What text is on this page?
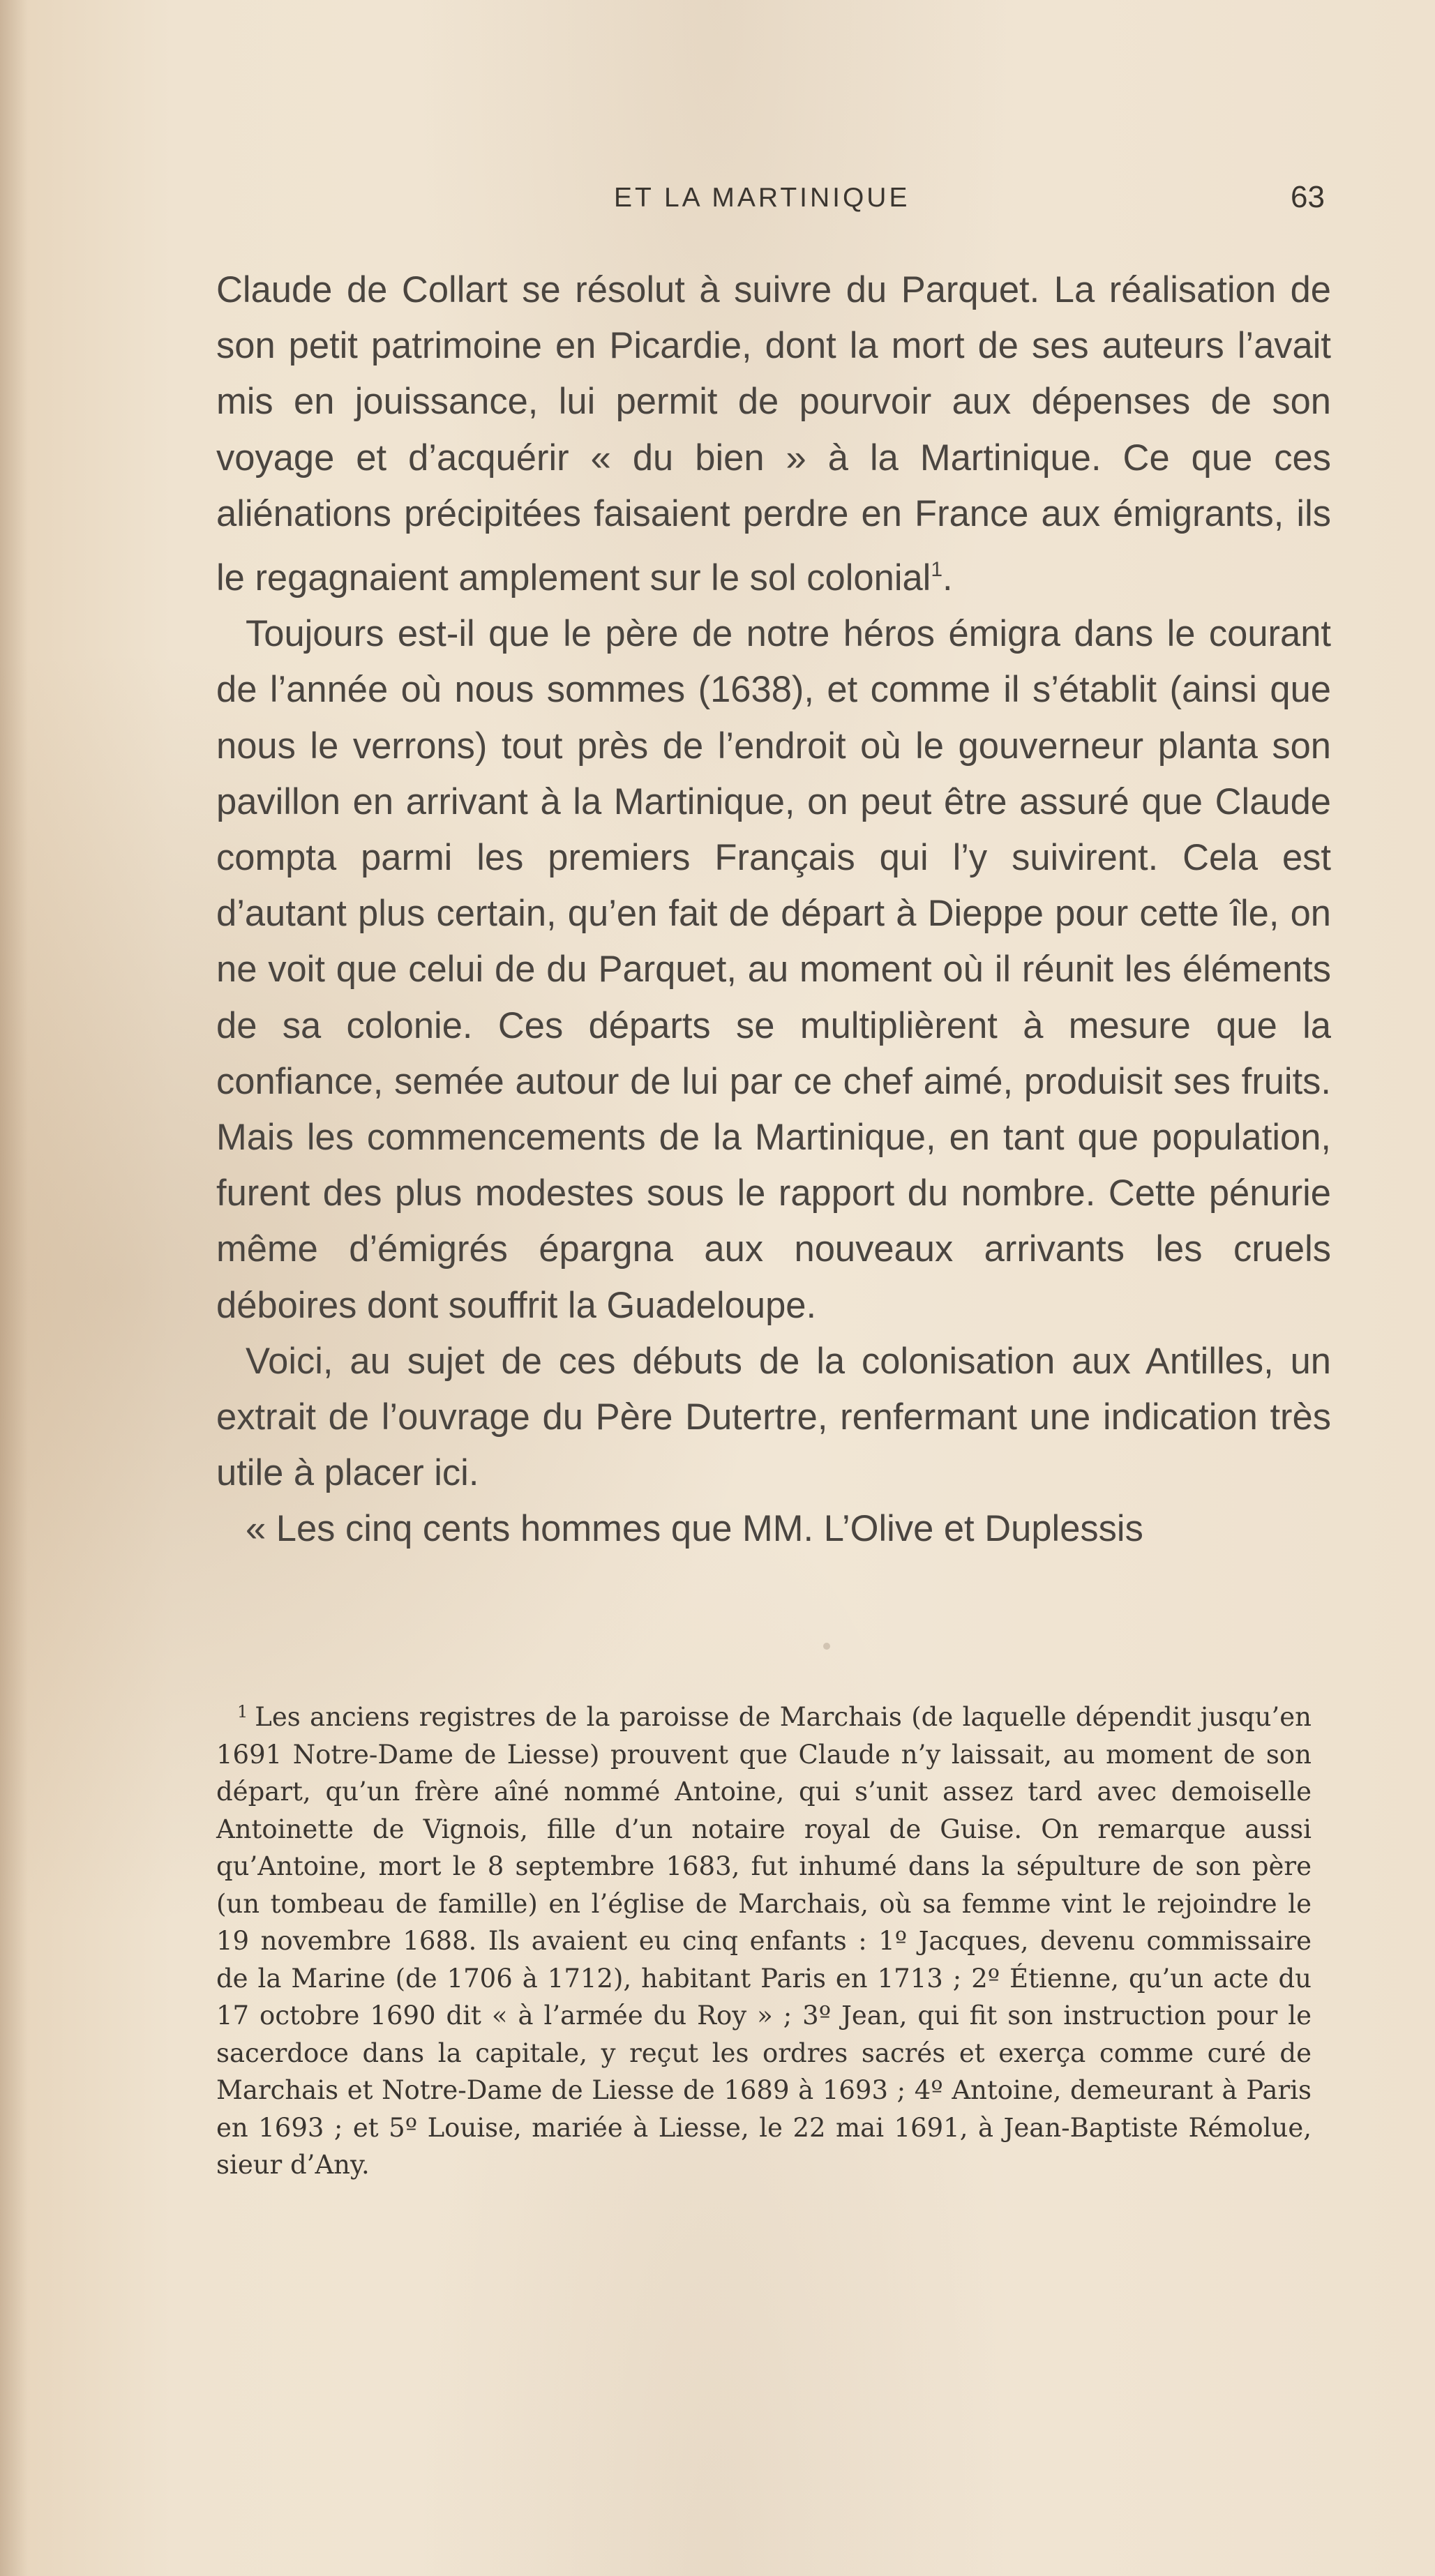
ET LA MARTINIQUE	63

Claude de Collart se résolut à suivre du Parquet. La réalisation de son petit patrimoine en Picardie, dont la mort de ses auteurs l’avait mis en jouissance, lui permit de pourvoir aux dépenses de son voyage et d’acquérir « du bien » à la Martinique. Ce que ces aliénations précipitées faisaient perdre en France aux émigrants, ils le regagnaient amplement sur le sol colonial$^1$.

Toujours est-il que le père de notre héros émigra dans le courant de l’année où nous sommes (1638), et comme il s’établit (ainsi que nous le verrons) tout près de l’endroit où le gouverneur planta son pavillon en arrivant à la Martinique, on peut être assuré que Claude compta parmi les premiers Français qui l’y suivirent. Cela est d’autant plus certain, qu’en fait de départ à Dieppe pour cette île, on ne voit que celui de du Parquet, au moment où il réunit les éléments de sa colonie. Ces départs se multiplièrent à mesure que la confiance, semée autour de lui par ce chef aimé, produisit ses fruits. Mais les commencements de la Martinique, en tant que population, furent des plus modestes sous le rapport du nombre. Cette pénurie même d’émigrés épargna aux nouveaux arrivants les cruels déboires dont souffrit la Guadeloupe.

Voici, au sujet de ces débuts de la colonisation aux Antilles, un extrait de l’ouvrage du Père Dutertre, renfermant une indication très utile à placer ici.

« Les cinq cents hommes que MM. L’Olive et Duplessis

$^1$ Les anciens registres de la paroisse de Marchais (de laquelle dépendit jusqu’en 1691 Notre-Dame de Liesse) prouvent que Claude n’y laissait, au moment de son départ, qu’un frère aîné nommé Antoine, qui s’unit assez tard avec demoiselle Antoinette de Vignois, fille d’un notaire royal de Guise. On remarque aussi qu’Antoine, mort le 8 septembre 1683, fut inhumé dans la sépulture de son père (un tombeau de famille) en l’église de Marchais, où sa femme vint le rejoindre le 19 novembre 1688. Ils avaient eu cinq enfants : 1º Jacques, devenu commissaire de la Marine (de 1706 à 1712), habitant Paris en 1713 ; 2º Étienne, qu’un acte du 17 octobre 1690 dit « à l’armée du Roy » ; 3º Jean, qui fit son instruction pour le sacerdoce dans la capitale, y reçut les ordres sacrés et exerça comme curé de Marchais et Notre-Dame de Liesse de 1689 à 1693 ; 4º Antoine, demeurant à Paris en 1693 ; et 5º Louise, mariée à Liesse, le 22 mai 1691, à Jean-Baptiste Rémolue, sieur d’Any.
